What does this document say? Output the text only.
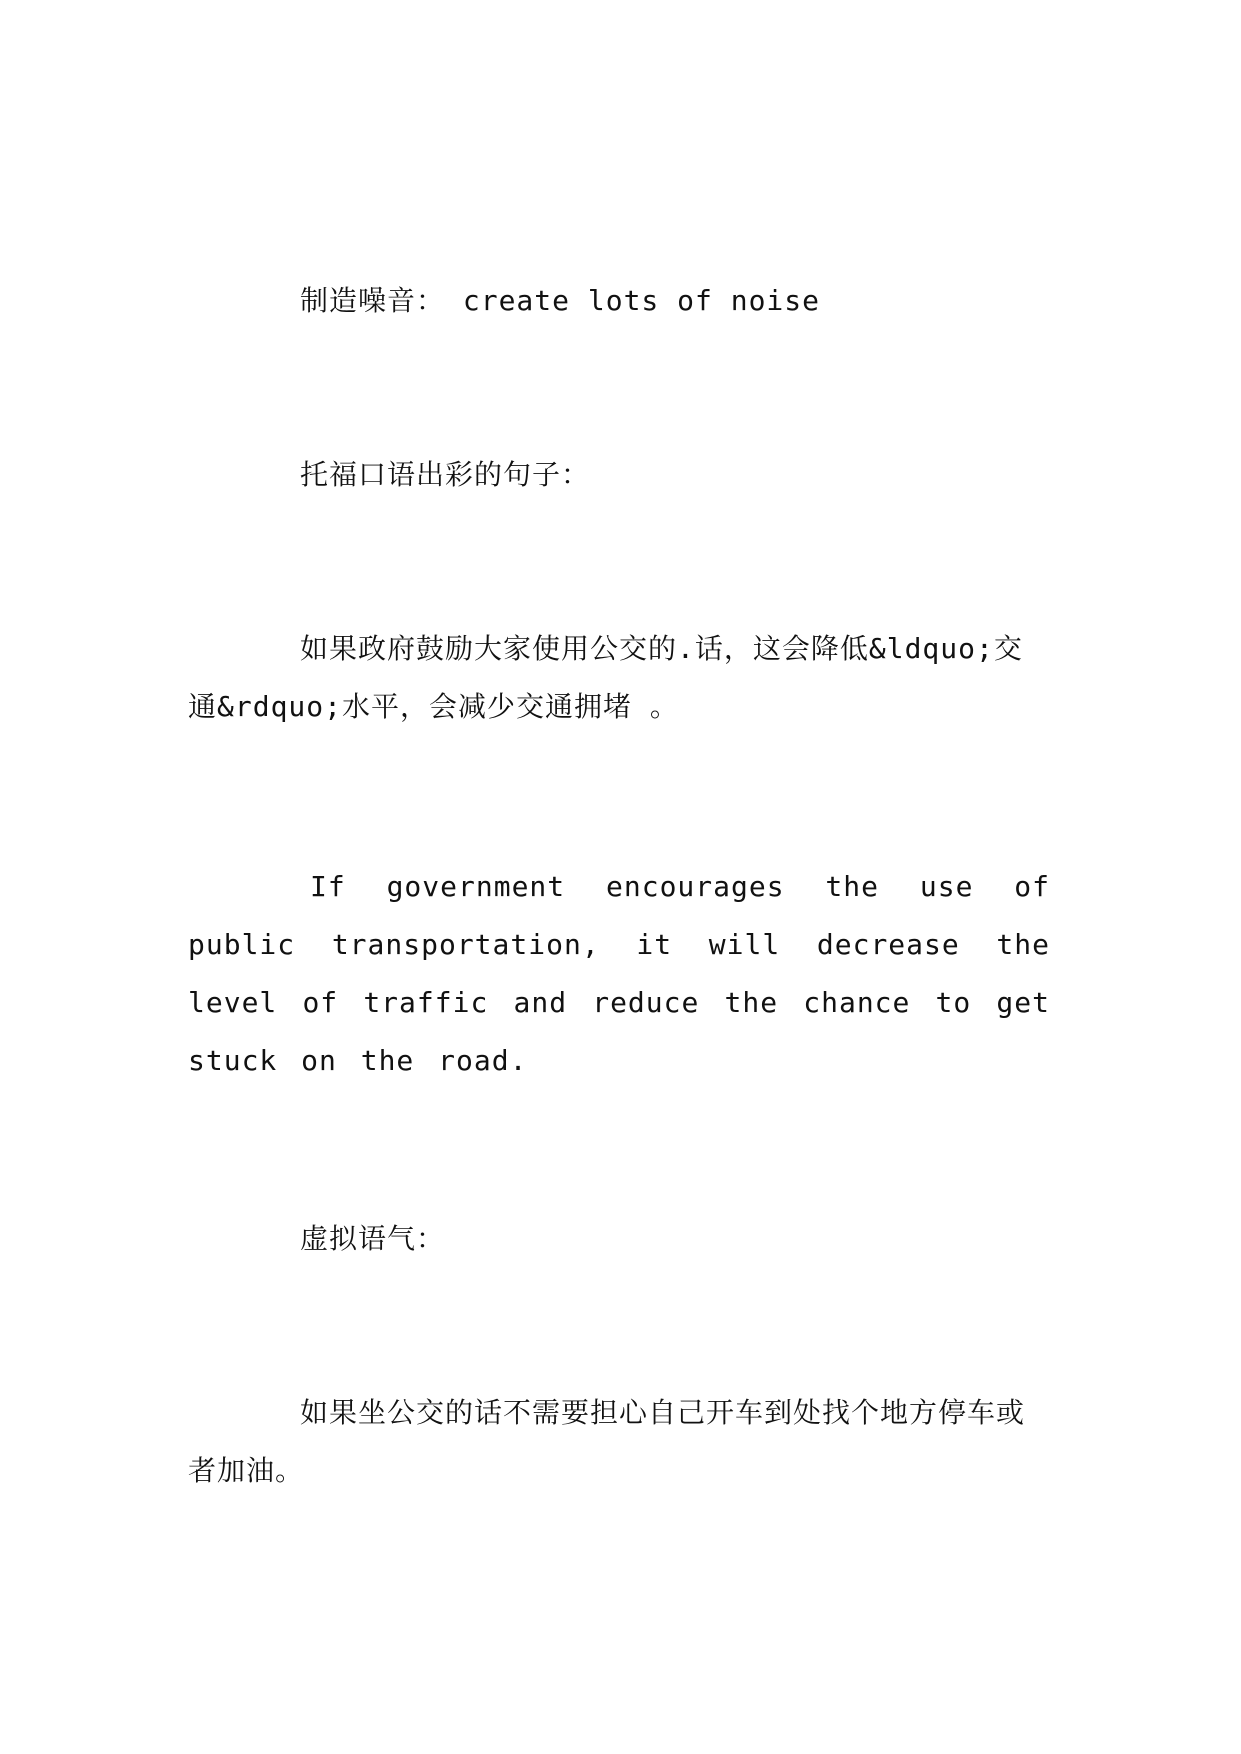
制造噪音： create lots of noise

托福口语出彩的句子：

如果政府鼓励大家使用公交的.话，这会降低&ldquo;交通&rdquo;水平，会减少交通拥堵 。

If government encourages the use of public transportation, it will decrease the level of traffic and reduce the chance to get stuck on the road.

虚拟语气：

如果坐公交的话不需要担心自己开车到处找个地方停车或者加油。
